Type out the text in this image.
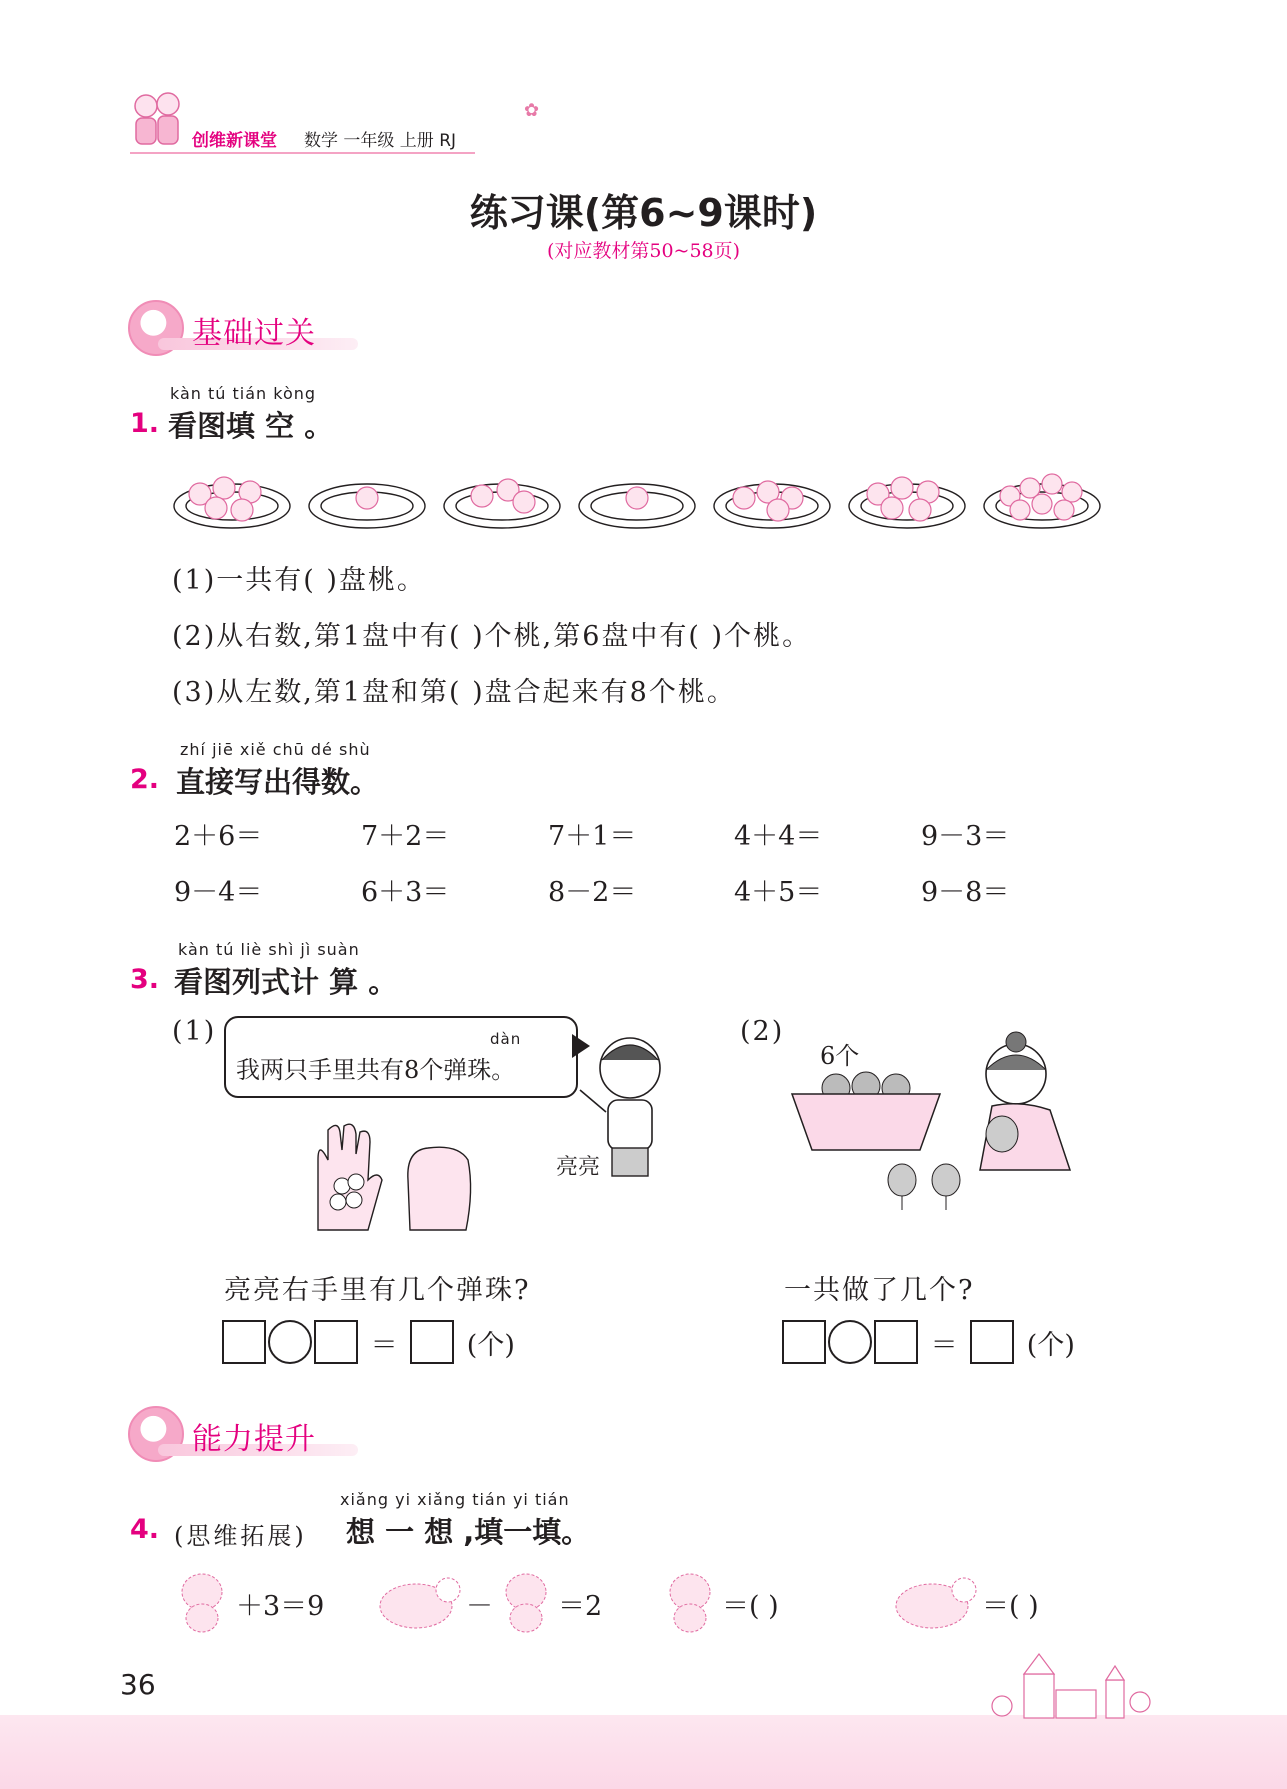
创维新课堂 数学 一年级 上册 RJ
✿
练习课(第6~9课时)
(对应教材第50~58页)
基础过关
kàn tú tián kòng
1. 看图填 空 。
(1)一共有( )盘桃。
(2)从右数,第1盘中有( )个桃,第6盘中有( )个桃。
(3)从左数,第1盘和第( )盘合起来有8个桃。
zhí jiē xiě chū dé shù
2. 直接写出得数。
2＋6＝	7＋2＝	7＋1＝	4＋4＝	9－3＝
9－4＝	6＋3＝	8－2＝	4＋5＝	9－8＝
kàn tú liè shì jì suàn
3. 看图列式计 算 。
(1)	dàn
我两只手里共有8个弹珠。
亮亮
亮亮右手里有几个弹珠?
＝	(个)
(2)
6个
一共做了几个?
＝	(个)
能力提升
xiǎng yi xiǎng tián yi tián
4. (思维拓展) 想 一 想 ,填一填。
＋3＝9	－ ＝2	＝( )	＝( )
36
